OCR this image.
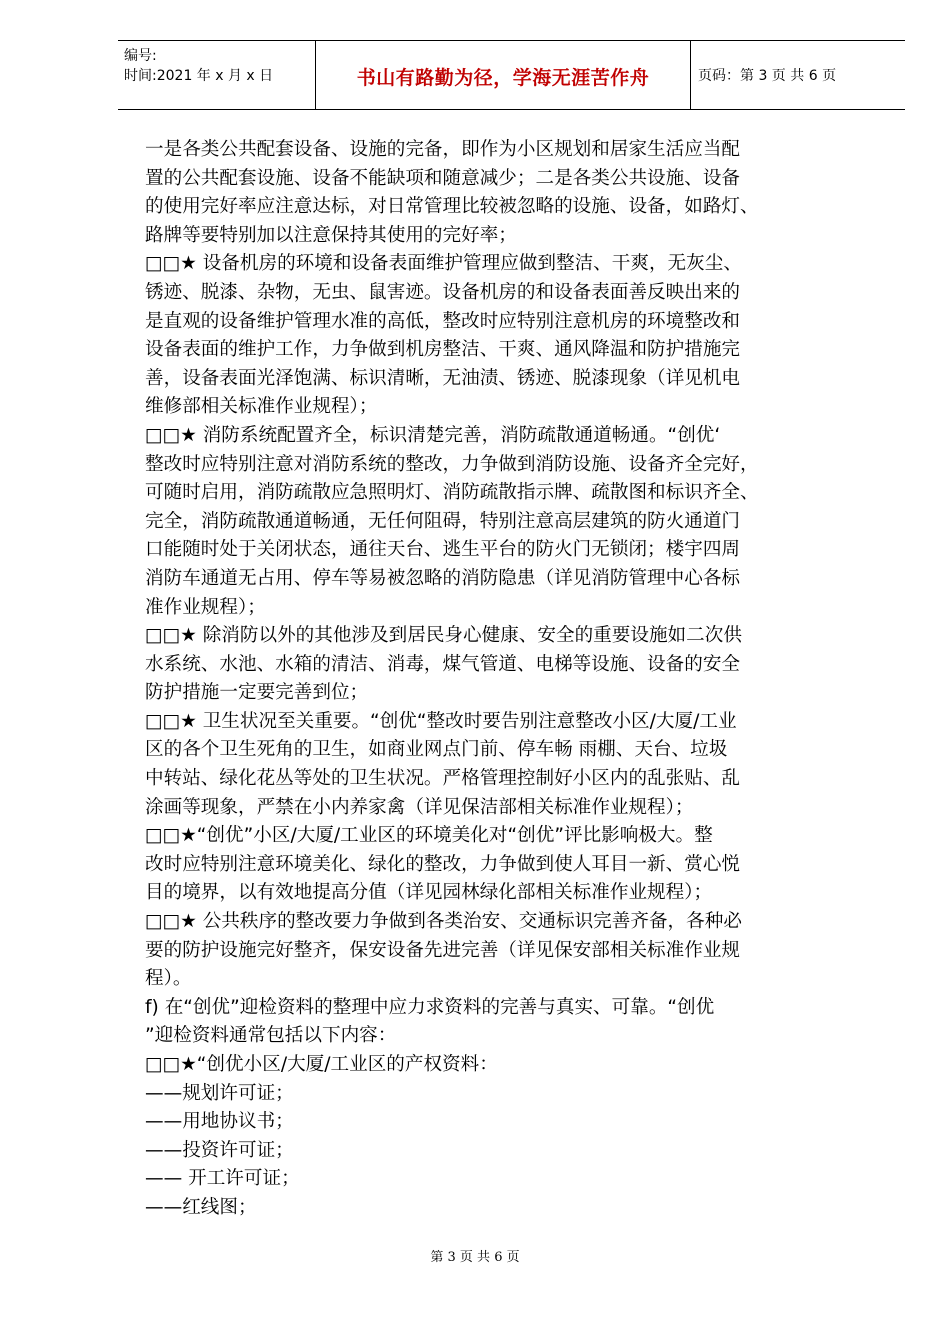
编号:
时间:2021 年 x 月 x 日	书山有路勤为径，学海无涯苦作舟	页码：第 3 页 共 6 页
一是各类公共配套设备、设施的完备，即作为小区规划和居家生活应当配
置的公共配套设施、设备不能缺项和随意减少；二是各类公共设施、设备
的使用完好率应注意达标，对日常管理比较被忽略的设施、设备，如路灯、
路牌等要特别加以注意保持其使用的完好率；
□□★ 设备机房的环境和设备表面维护管理应做到整洁、干爽，无灰尘、
锈迹、脱漆、杂物，无虫、鼠害迹。设备机房的和设备表面善反映出来的
是直观的设备维护管理水准的高低，整改时应特别注意机房的环境整改和
设备表面的维护工作，力争做到机房整洁、干爽、通风降温和防护措施完
善，设备表面光泽饱满、标识清晰，无油渍、锈迹、脱漆现象（详见机电
维修部相关标准作业规程）；
□□★ 消防系统配置齐全，标识清楚完善，消防疏散通道畅通。“创优‘
整改时应特别注意对消防系统的整改，力争做到消防设施、设备齐全完好，
可随时启用，消防疏散应急照明灯、消防疏散指示牌、疏散图和标识齐全、
完全，消防疏散通道畅通，无任何阻碍，特别注意高层建筑的防火通道门
口能随时处于关闭状态，通往天台、逃生平台的防火门无锁闭；楼宇四周
消防车通道无占用、停车等易被忽略的消防隐患（详见消防管理中心各标
准作业规程）；
□□★ 除消防以外的其他涉及到居民身心健康、安全的重要设施如二次供
水系统、水池、水箱的清洁、消毒，煤气管道、电梯等设施、设备的安全
防护措施一定要完善到位；
□□★ 卫生状况至关重要。“创优“整改时要告别注意整改小区/大厦/工业
区的各个卫生死角的卫生，如商业网点门前、停车畅 雨棚、天台、垃圾
中转站、绿化花丛等处的卫生状况。严格管理控制好小区内的乱张贴、乱
涂画等现象，严禁在小内养家禽（详见保洁部相关标准作业规程）；
□□★“创优”小区/大厦/工业区的环境美化对“创优”评比影响极大。整
改时应特别注意环境美化、绿化的整改，力争做到使人耳目一新、赏心悦
目的境界，以有效地提高分值（详见园林绿化部相关标准作业规程）；
□□★ 公共秩序的整改要力争做到各类治安、交通标识完善齐备，各种必
要的防护设施完好整齐，保安设备先进完善（详见保安部相关标准作业规
程）。
f) 在“创优”迎检资料的整理中应力求资料的完善与真实、可靠。“创优
”迎检资料通常包括以下内容：
□□★“创优小区/大厦/工业区的产权资料：
——规划许可证；
——用地协议书；
——投资许可证；
—— 开工许可证；
——红线图；
第 3 页 共 6 页
